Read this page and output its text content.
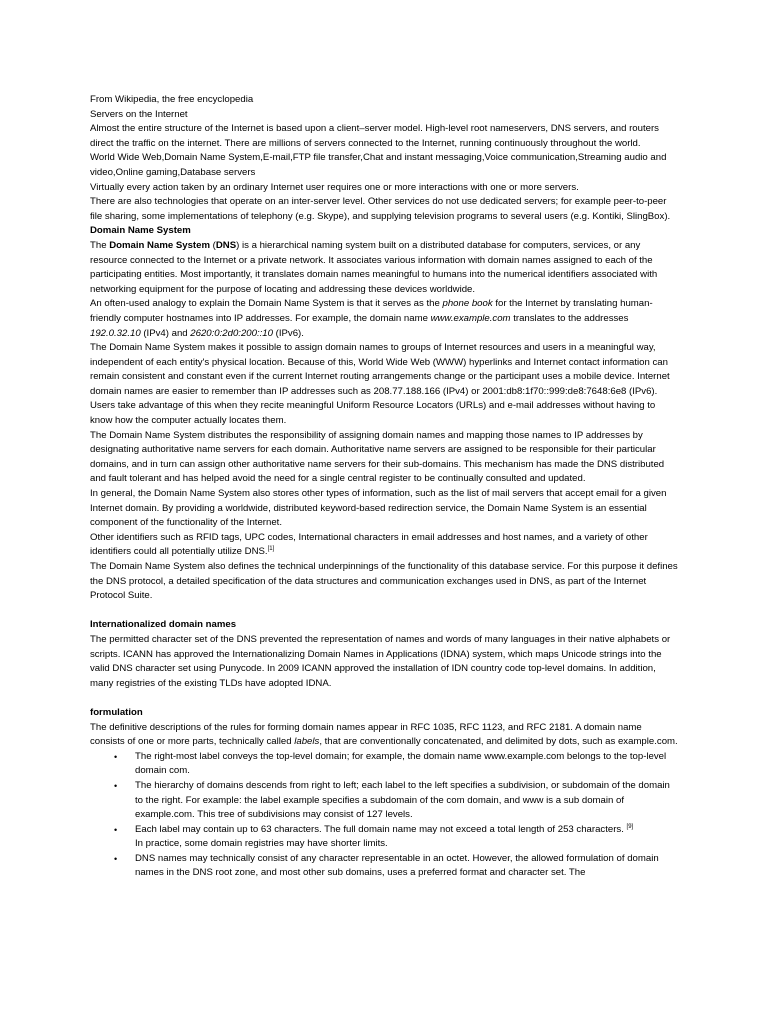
From Wikipedia, the free encyclopedia

Servers on the Internet

Almost the entire structure of the Internet is based upon a client–server model. High-level root nameservers, DNS servers, and routers direct the traffic on the internet. There are millions of servers connected to the Internet, running continuously throughout the world.

World Wide Web,Domain Name System,E-mail,FTP file transfer,Chat and instant messaging,Voice communication,Streaming audio and video,Online gaming,Database servers

Virtually every action taken by an ordinary Internet user requires one or more interactions with one or more servers.

There are also technologies that operate on an inter-server level. Other services do not use dedicated servers; for example peer-to-peer file sharing, some implementations of telephony (e.g. Skype), and supplying television programs to several users (e.g. Kontiki, SlingBox).

Domain Name System

The Domain Name System (DNS) is a hierarchical naming system built on a distributed database for computers, services, or any resource connected to the Internet or a private network. It associates various information with domain names assigned to each of the participating entities. Most importantly, it translates domain names meaningful to humans into the numerical identifiers associated with networking equipment for the purpose of locating and addressing these devices worldwide.

An often-used analogy to explain the Domain Name System is that it serves as the phone book for the Internet by translating human-friendly computer hostnames into IP addresses. For example, the domain name www.example.com translates to the addresses 192.0.32.10 (IPv4) and 2620:0:2d0:200::10 (IPv6).

The Domain Name System makes it possible to assign domain names to groups of Internet resources and users in a meaningful way, independent of each entity's physical location. Because of this, World Wide Web (WWW) hyperlinks and Internet contact information can remain consistent and constant even if the current Internet routing arrangements change or the participant uses a mobile device. Internet domain names are easier to remember than IP addresses such as 208.77.188.166 (IPv4) or 2001:db8:1f70::999:de8:7648:6e8 (IPv6). Users take advantage of this when they recite meaningful Uniform Resource Locators (URLs) and e-mail addresses without having to know how the computer actually locates them.

The Domain Name System distributes the responsibility of assigning domain names and mapping those names to IP addresses by designating authoritative name servers for each domain. Authoritative name servers are assigned to be responsible for their particular domains, and in turn can assign other authoritative name servers for their sub-domains. This mechanism has made the DNS distributed and fault tolerant and has helped avoid the need for a single central register to be continually consulted and updated.

In general, the Domain Name System also stores other types of information, such as the list of mail servers that accept email for a given Internet domain. By providing a worldwide, distributed keyword-based redirection service, the Domain Name System is an essential component of the functionality of the Internet.

Other identifiers such as RFID tags, UPC codes, International characters in email addresses and host names, and a variety of other identifiers could all potentially utilize DNS.[1]

The Domain Name System also defines the technical underpinnings of the functionality of this database service. For this purpose it defines the DNS protocol, a detailed specification of the data structures and communication exchanges used in DNS, as part of the Internet Protocol Suite.

Internationalized domain names

The permitted character set of the DNS prevented the representation of names and words of many languages in their native alphabets or scripts. ICANN has approved the Internationalizing Domain Names in Applications (IDNA) system, which maps Unicode strings into the valid DNS character set using Punycode. In 2009 ICANN approved the installation of IDN country code top-level domains. In addition, many registries of the existing TLDs have adopted IDNA.

formulation

The definitive descriptions of the rules for forming domain names appear in RFC 1035, RFC 1123, and RFC 2181. A domain name consists of one or more parts, technically called labels, that are conventionally concatenated, and delimited by dots, such as example.com.

• The right-most label conveys the top-level domain; for example, the domain name www.example.com belongs to the top-level domain com.
• The hierarchy of domains descends from right to left; each label to the left specifies a subdivision, or subdomain of the domain to the right. For example: the label example specifies a subdomain of the com domain, and www is a sub domain of example.com. This tree of subdivisions may consist of 127 levels.
• Each label may contain up to 63 characters. The full domain name may not exceed a total length of 253 characters. [9]
In practice, some domain registries may have shorter limits.
• DNS names may technically consist of any character representable in an octet. However, the allowed formulation of domain names in the DNS root zone, and most other sub domains, uses a preferred format and character set. The
